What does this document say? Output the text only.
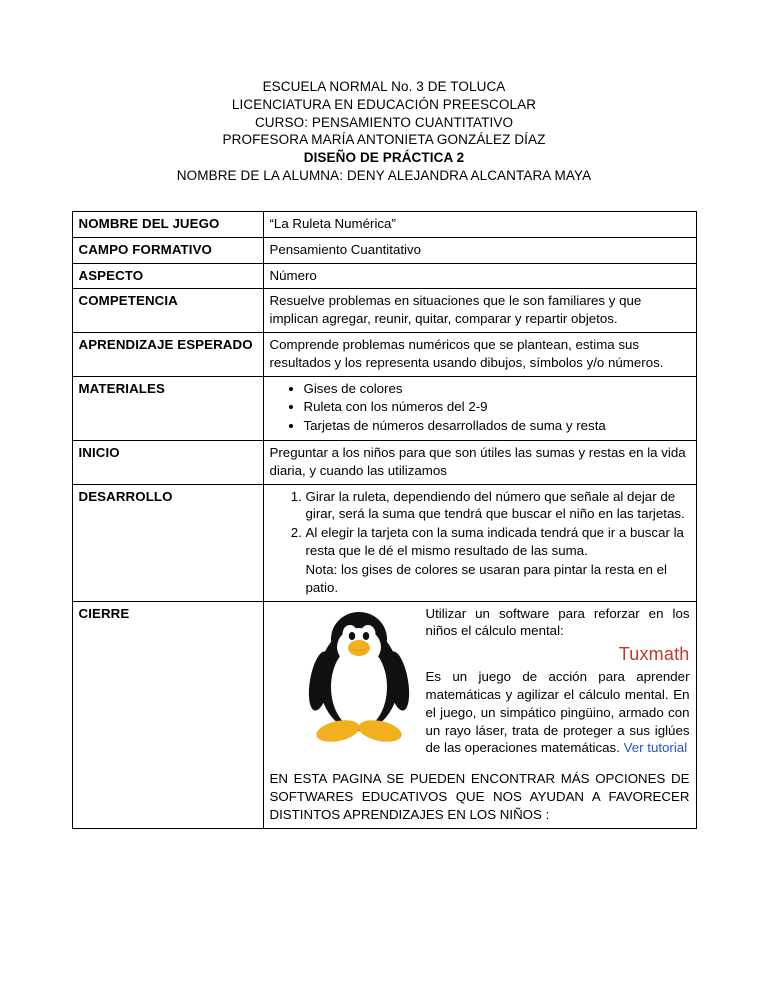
ESCUELA NORMAL No. 3 DE TOLUCA
LICENCIATURA EN EDUCACIÓN PREESCOLAR
CURSO: PENSAMIENTO CUANTITATIVO
PROFESORA MARÍA ANTONIETA GONZÁLEZ DÍAZ
DISEÑO DE PRÁCTICA 2
NOMBRE DE LA ALUMNA: DENY ALEJANDRA ALCANTARA MAYA
NOMBRE DEL JUEGO	“La Ruleta Numérica”
CAMPO FORMATIVO	Pensamiento Cuantitativo
ASPECTO	Número
COMPETENCIA	Resuelve problemas en situaciones que le son familiares y que implican agregar, reunir, quitar, comparar y repartir objetos.
APRENDIZAJE ESPERADO	Comprende problemas numéricos que se plantean, estima sus resultados y los representa usando dibujos, símbolos y/o números.
MATERIALES	
•Gises de colores
• Ruleta con los números del 2-9
• Tarjetas de números desarrollados de suma y resta

INICIO	Preguntar a los niños para que son útiles las sumas y restas en la vida diaria, y cuando las utilizamos
DESARROLLO	
1.Girar la ruleta, dependiendo del número que señale al dejar de girar, será la suma que tendrá que buscar el niño en las tarjetas.
2. Al elegir la tarjeta con la suma indicada tendrá que ir a buscar la resta que le dé el mismo resultado de las suma.
Nota: los gises de colores se usaran para pintar la resta en el patio.

CIERRE	Utilizar un software para reforzar en los niños el cálculo mental:
Tuxmath
Es un juego de acción para aprender matemáticas y agilizar el cálculo mental. En el juego, un simpático pingüino, armado con un rayo láser, trata de proteger a sus iglúes de las operaciones matemáticas. Ver tutorial
EN ESTA PAGINA SE PUEDEN ENCONTRAR MÁS OPCIONES DE SOFTWARES EDUCATIVOS QUE NOS AYUDAN A FAVORECER DISTINTOS APRENDIZAJES EN LOS NIÑOS :
